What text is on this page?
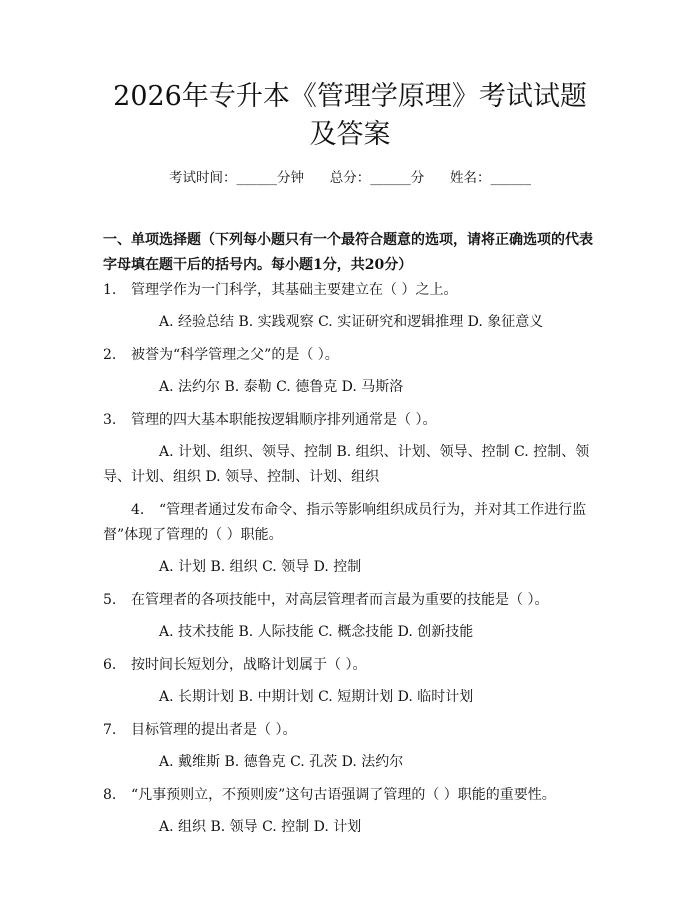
2026年专升本《管理学原理》考试试题及答案
考试时间：______分钟      总分：______分      姓名：______
一、单项选择题（下列每小题只有一个最符合题意的选项，请将正确选项的代表字母填在题干后的括号内。每小题1分，共20分）
1. 管理学作为一门科学，其基础主要建立在（ ）之上。
A. 经验总结 B. 实践观察 C. 实证研究和逻辑推理 D. 象征意义
2. 被誉为“科学管理之父”的是（ ）。
A. 法约尔 B. 泰勒 C. 德鲁克 D. 马斯洛
3. 管理的四大基本职能按逻辑顺序排列通常是（ ）。
A. 计划、组织、领导、控制 B. 组织、计划、领导、控制 C. 控制、领导、计划、组织 D. 领导、控制、计划、组织
4. “管理者通过发布命令、指示等影响组织成员行为，并对其工作进行监督”体现了管理的（ ）职能。
A. 计划 B. 组织 C. 领导 D. 控制
5. 在管理者的各项技能中，对高层管理者而言最为重要的技能是（ ）。
A. 技术技能 B. 人际技能 C. 概念技能 D. 创新技能
6. 按时间长短划分，战略计划属于（ ）。
A. 长期计划 B. 中期计划 C. 短期计划 D. 临时计划
7. 目标管理的提出者是（ ）。
A. 戴维斯 B. 德鲁克 C. 孔茨 D. 法约尔
8. “凡事预则立，不预则废”这句古语强调了管理的（ ）职能的重要性。
A. 组织 B. 领导 C. 控制 D. 计划
